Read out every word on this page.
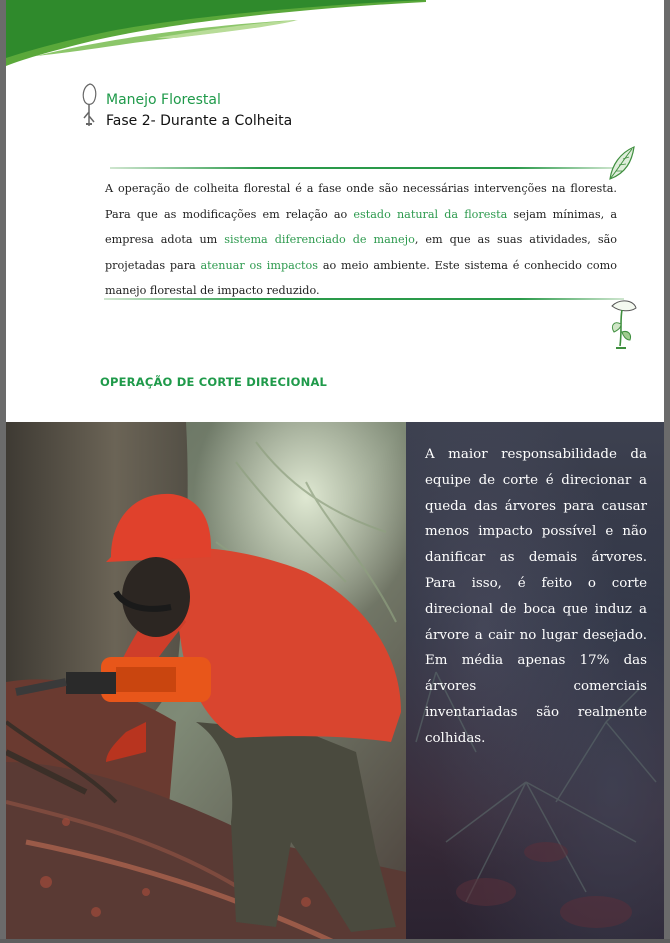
Manejo Florestal
Fase 2- Durante a Colheita
A operação de colheita florestal é a fase onde são necessárias intervenções na floresta. Para que as modificações em relação ao estado natural da floresta sejam mínimas, a empresa adota um sistema diferenciado de manejo, em que as suas atividades, são projetadas para atenuar os impactos ao meio ambiente. Este sistema é conhecido como manejo florestal de impacto reduzido.
OPERAÇÃO DE CORTE DIRECIONAL
A maior responsabilidade da equipe de corte é direcionar a queda das árvores para causar menos impacto possível e não danificar as demais árvores. Para isso, é feito o corte direcional de boca que induz a árvore a cair no lugar desejado. Em média apenas 17% das árvores comerciais inventariadas são realmente colhidas.
